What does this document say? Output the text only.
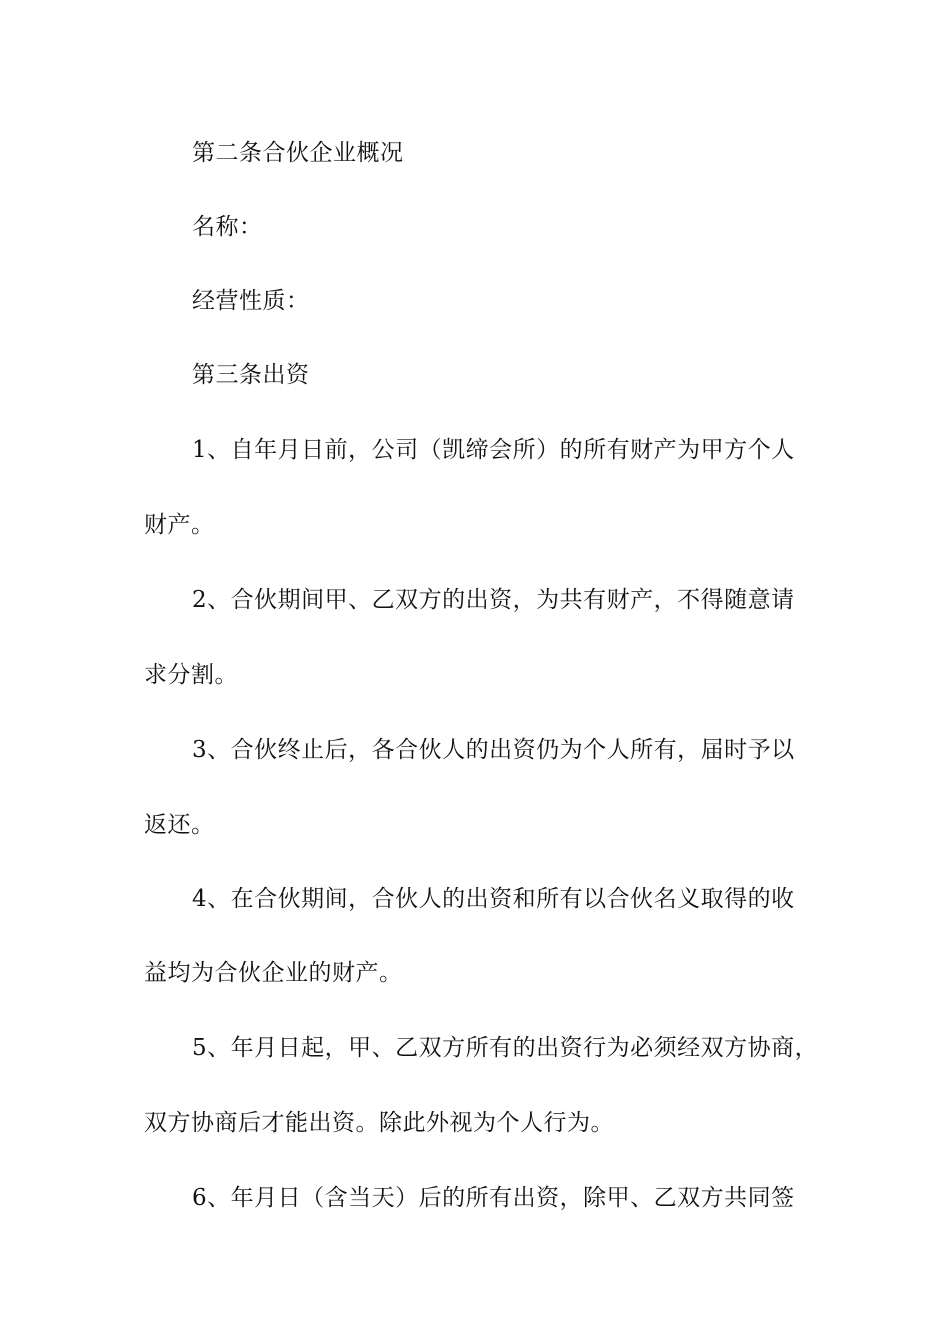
第二条合伙企业概况
名称：
经营性质：
第三条出资
1、自年月日前，公司（凯缔会所）的所有财产为甲方个人
财产。
2、合伙期间甲、乙双方的出资，为共有财产，不得随意请
求分割。
3、合伙终止后，各合伙人的出资仍为个人所有，届时予以
返还。
4、在合伙期间，合伙人的出资和所有以合伙名义取得的收
益均为合伙企业的财产。
5、年月日起，甲、乙双方所有的出资行为必须经双方协商，
双方协商后才能出资。除此外视为个人行为。
6、年月日（含当天）后的所有出资，除甲、乙双方共同签
